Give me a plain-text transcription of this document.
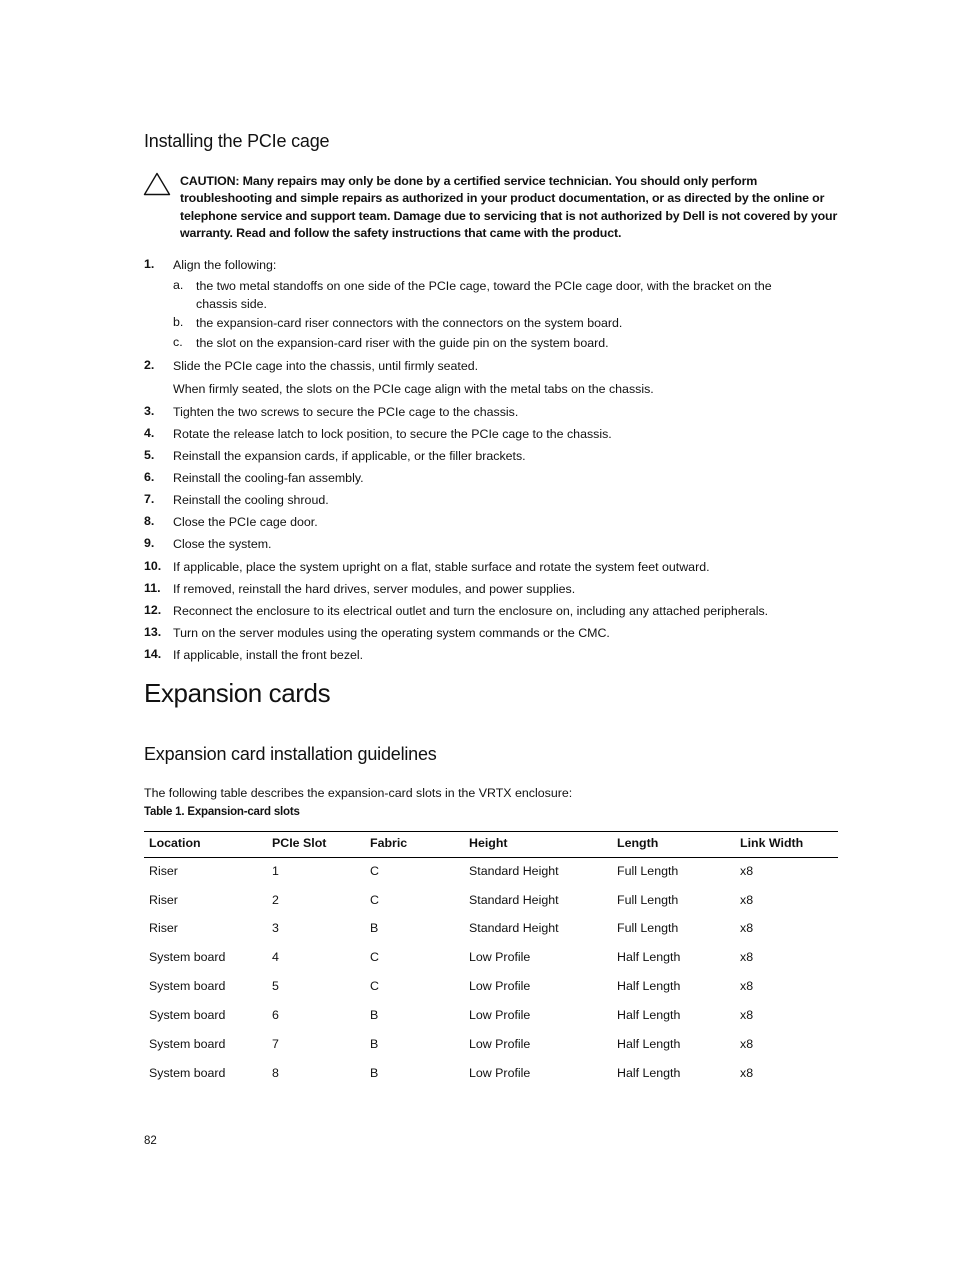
Installing the PCIe cage
CAUTION: Many repairs may only be done by a certified service technician. You should only perform troubleshooting and simple repairs as authorized in your product documentation, or as directed by the online or telephone service and support team. Damage due to servicing that is not authorized by Dell is not covered by your warranty. Read and follow the safety instructions that came with the product.
1. Align the following:
a. the two metal standoffs on one side of the PCIe cage, toward the PCIe cage door, with the bracket on the chassis side.
b. the expansion-card riser connectors with the connectors on the system board.
c. the slot on the expansion-card riser with the guide pin on the system board.
2. Slide the PCIe cage into the chassis, until firmly seated.
When firmly seated, the slots on the PCIe cage align with the metal tabs on the chassis.
3. Tighten the two screws to secure the PCIe cage to the chassis.
4. Rotate the release latch to lock position, to secure the PCIe cage to the chassis.
5. Reinstall the expansion cards, if applicable, or the filler brackets.
6. Reinstall the cooling-fan assembly.
7. Reinstall the cooling shroud.
8. Close the PCIe cage door.
9. Close the system.
10. If applicable, place the system upright on a flat, stable surface and rotate the system feet outward.
11. If removed, reinstall the hard drives, server modules, and power supplies.
12. Reconnect the enclosure to its electrical outlet and turn the enclosure on, including any attached peripherals.
13. Turn on the server modules using the operating system commands or the CMC.
14. If applicable, install the front bezel.
Expansion cards
Expansion card installation guidelines
The following table describes the expansion-card slots in the VRTX enclosure:
Table 1. Expansion-card slots
Location	PCIe Slot	Fabric	Height	Length	Link Width
Riser	1	C	Standard Height	Full Length	x8
Riser	2	C	Standard Height	Full Length	x8
Riser	3	B	Standard Height	Full Length	x8
System board	4	C	Low Profile	Half Length	x8
System board	5	C	Low Profile	Half Length	x8
System board	6	B	Low Profile	Half Length	x8
System board	7	B	Low Profile	Half Length	x8
System board	8	B	Low Profile	Half Length	x8
82
